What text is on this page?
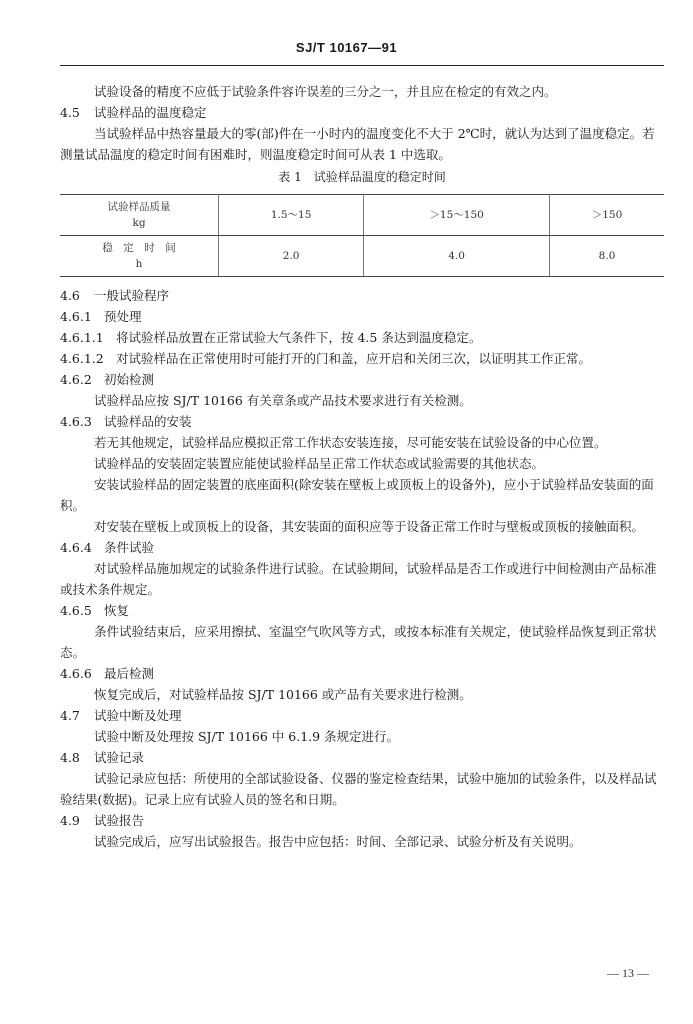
SJ/T 10167—91

试验设备的精度不应低于试验条件容许误差的三分之一，并且应在检定的有效之内。

4.5 试验样品的温度稳定

当试验样品中热容量最大的零(部)件在一小时内的温度变化不大于 2℃时，就认为达到了温度稳定。若测量试品温度的稳定时间有困难时，则温度稳定时间可从表 1 中选取。

表 1　试验样品温度的稳定时间
试验样品质量
kg	1.5～15	＞15～150	＞150

稳　定　时　间
h	2.0	4.0	8.0

4.6 一般试验程序

4.6.1 预处理

4.6.1.1 将试验样品放置在正常试验大气条件下，按 4.5 条达到温度稳定。

4.6.1.2 对试验样品在正常使用时可能打开的门和盖，应开启和关闭三次，以证明其工作正常。

4.6.2 初始检测

试验样品应按 SJ/T 10166 有关章条或产品技术要求进行有关检测。

4.6.3 试验样品的安装

若无其他规定，试验样品应模拟正常工作状态安装连接，尽可能安装在试验设备的中心位置。

试验样品的安装固定装置应能使试验样品呈正常工作状态或试验需要的其他状态。

安装试验样品的固定装置的底座面积(除安装在壁板上或顶板上的设备外)，应小于试验样品安装面的面积。

对安装在壁板上或顶板上的设备，其安装面的面积应等于设备正常工作时与壁板或顶板的接触面积。

4.6.4 条件试验

对试验样品施加规定的试验条件进行试验。在试验期间，试验样品是否工作或进行中间检测由产品标准或技术条件规定。

4.6.5 恢复

条件试验结束后，应采用擦拭、室温空气吹风等方式，或按本标准有关规定，使试验样品恢复到正常状态。

4.6.6 最后检测

恢复完成后，对试验样品按 SJ/T 10166 或产品有关要求进行检测。

4.7 试验中断及处理

试验中断及处理按 SJ/T 10166 中 6.1.9 条规定进行。

4.8 试验记录

试验记录应包括：所使用的全部试验设备、仪器的鉴定检查结果，试验中施加的试验条件，以及样品试验结果(数据)。记录上应有试验人员的签名和日期。

4.9 试验报告

试验完成后，应写出试验报告。报告中应包括：时间、全部记录、试验分析及有关说明。

— 13 —
